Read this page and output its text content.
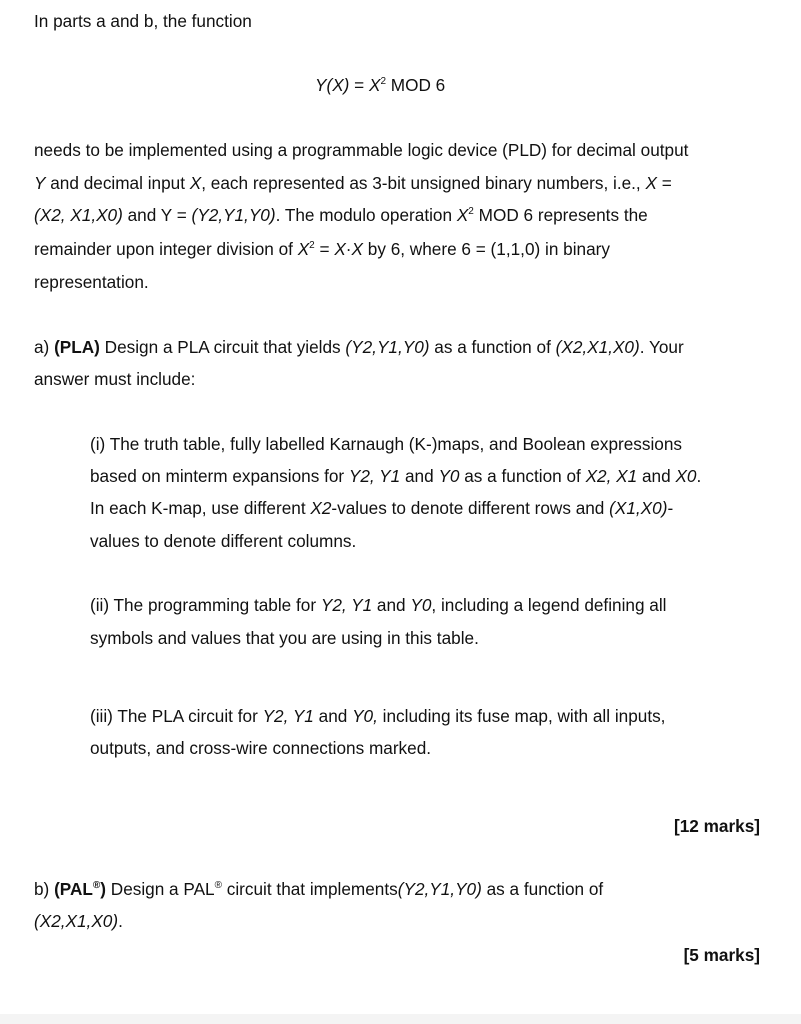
In parts a and b, the function
$Y(X) = X^2$ MOD 6
needs to be implemented using a programmable logic device (PLD) for decimal output
Y and decimal input X, each represented as 3-bit unsigned binary numbers, i.e., X =
(X2, X1,X0) and Y = (Y2,Y1,Y0). The modulo operation $X^2$ MOD 6 represents the
remainder upon integer division of $X^2 = X\cdot X$ by 6, where 6 = (1,1,0) in binary
representation.
a) (PLA) Design a PLA circuit that yields (Y2,Y1,Y0) as a function of (X2,X1,X0). Your
answer must include:
(i) The truth table, fully labelled Karnaugh (K-)maps, and Boolean expressions
based on minterm expansions for Y2, Y1 and Y0 as a function of X2, X1 and X0.
In each K-map, use different X2-values to denote different rows and (X1,X0)-
values to denote different columns.
(ii) The programming table for Y2, Y1 and Y0, including a legend defining all
symbols and values that you are using in this table.
(iii) The PLA circuit for Y2, Y1 and Y0, including its fuse map, with all inputs,
outputs, and cross-wire connections marked.
[12 marks]
b) (PAL®) Design a PAL® circuit that implements(Y2,Y1,Y0) as a function of
(X2,X1,X0).
[5 marks]
